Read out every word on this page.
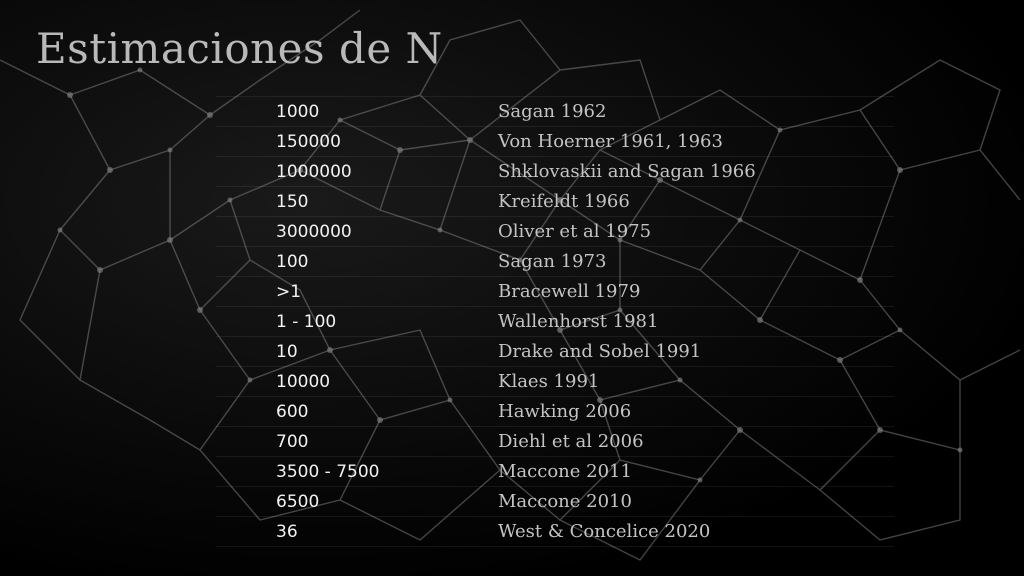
Estimaciones de N
1000	Sagan 1962
150000	Von Hoerner 1961, 1963
1000000	Shklovaskii and Sagan 1966
150	Kreifeldt 1966
3000000	Oliver et al 1975
100	Sagan 1973
>1	Bracewell 1979
1 - 100	Wallenhorst 1981
10	Drake and Sobel 1991
10000	Klaes 1991
600	Hawking 2006
700	Diehl et al 2006
3500 - 7500	Maccone 2011
6500	Maccone 2010
36	West & Concelice 2020
